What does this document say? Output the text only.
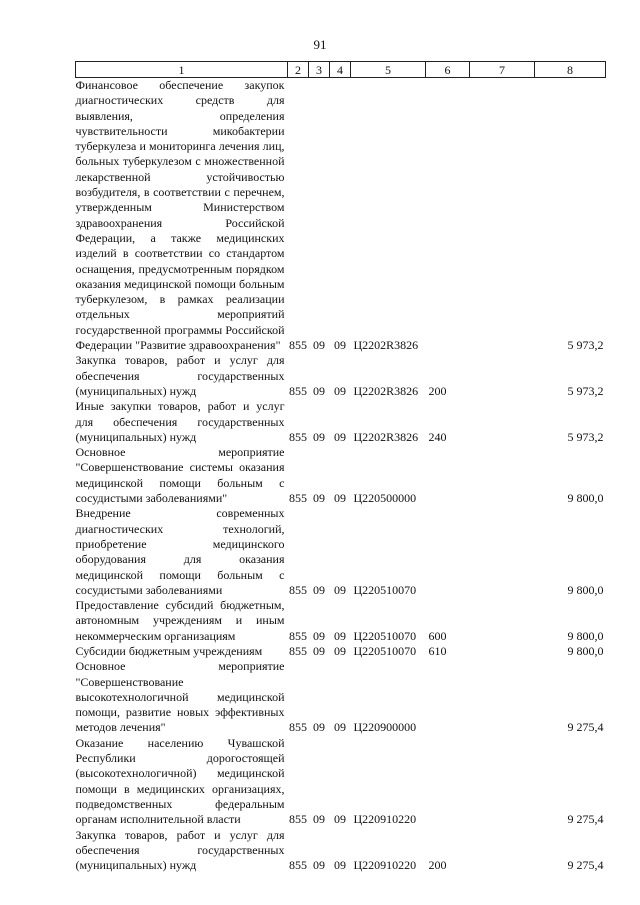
91
1	2	3	4	5	6	7	8
Финансовое обеспечение закупок диагностических средств для выявления, определения чувствительности микобактерии туберкулеза и мониторинга лечения лиц, больных туберкулезом с множественной лекарственной устойчивостью возбудителя, в соответствии с перечнем, утвержденным Министерством здравоохранения Российской Федерации, а также медицинских изделий в соответствии со стандартом оснащения, предусмотренным порядком оказания медицинской помощи больным туберкулезом, в рамках реализации отдельных мероприятий государственной программы Российской Федерации "Развитие здравоохранения"	855	09	09	Ц2202R3826			5 973,2
Закупка товаров, работ и услуг для обеспечения государственных (муниципальных) нужд	855	09	09	Ц2202R3826	200		5 973,2
Иные закупки товаров, работ и услуг для обеспечения государственных (муниципальных) нужд	855	09	09	Ц2202R3826	240		5 973,2
Основное мероприятие "Совершенствование системы оказания медицинской помощи больным с сосудистыми заболеваниями"	855	09	09	Ц220500000			9 800,0
Внедрение современных диагностических технологий, приобретение медицинского оборудования для оказания медицинской помощи больным с сосудистыми заболеваниями	855	09	09	Ц220510070			9 800,0
Предоставление субсидий бюджетным, автономным учреждениям и иным некоммерческим организациям	855	09	09	Ц220510070	600		9 800,0
Субсидии бюджетным учреждениям	855	09	09	Ц220510070	610		9 800,0
Основное мероприятие "Совершенствование высокотехнологичной медицинской помощи, развитие новых эффективных методов лечения"	855	09	09	Ц220900000			9 275,4
Оказание населению Чувашской Республики дорогостоящей (высокотехнологичной) медицинской помощи в медицинских организациях, подведомственных федеральным органам исполнительной власти	855	09	09	Ц220910220			9 275,4
Закупка товаров, работ и услуг для обеспечения государственных (муниципальных) нужд	855	09	09	Ц220910220	200		9 275,4
